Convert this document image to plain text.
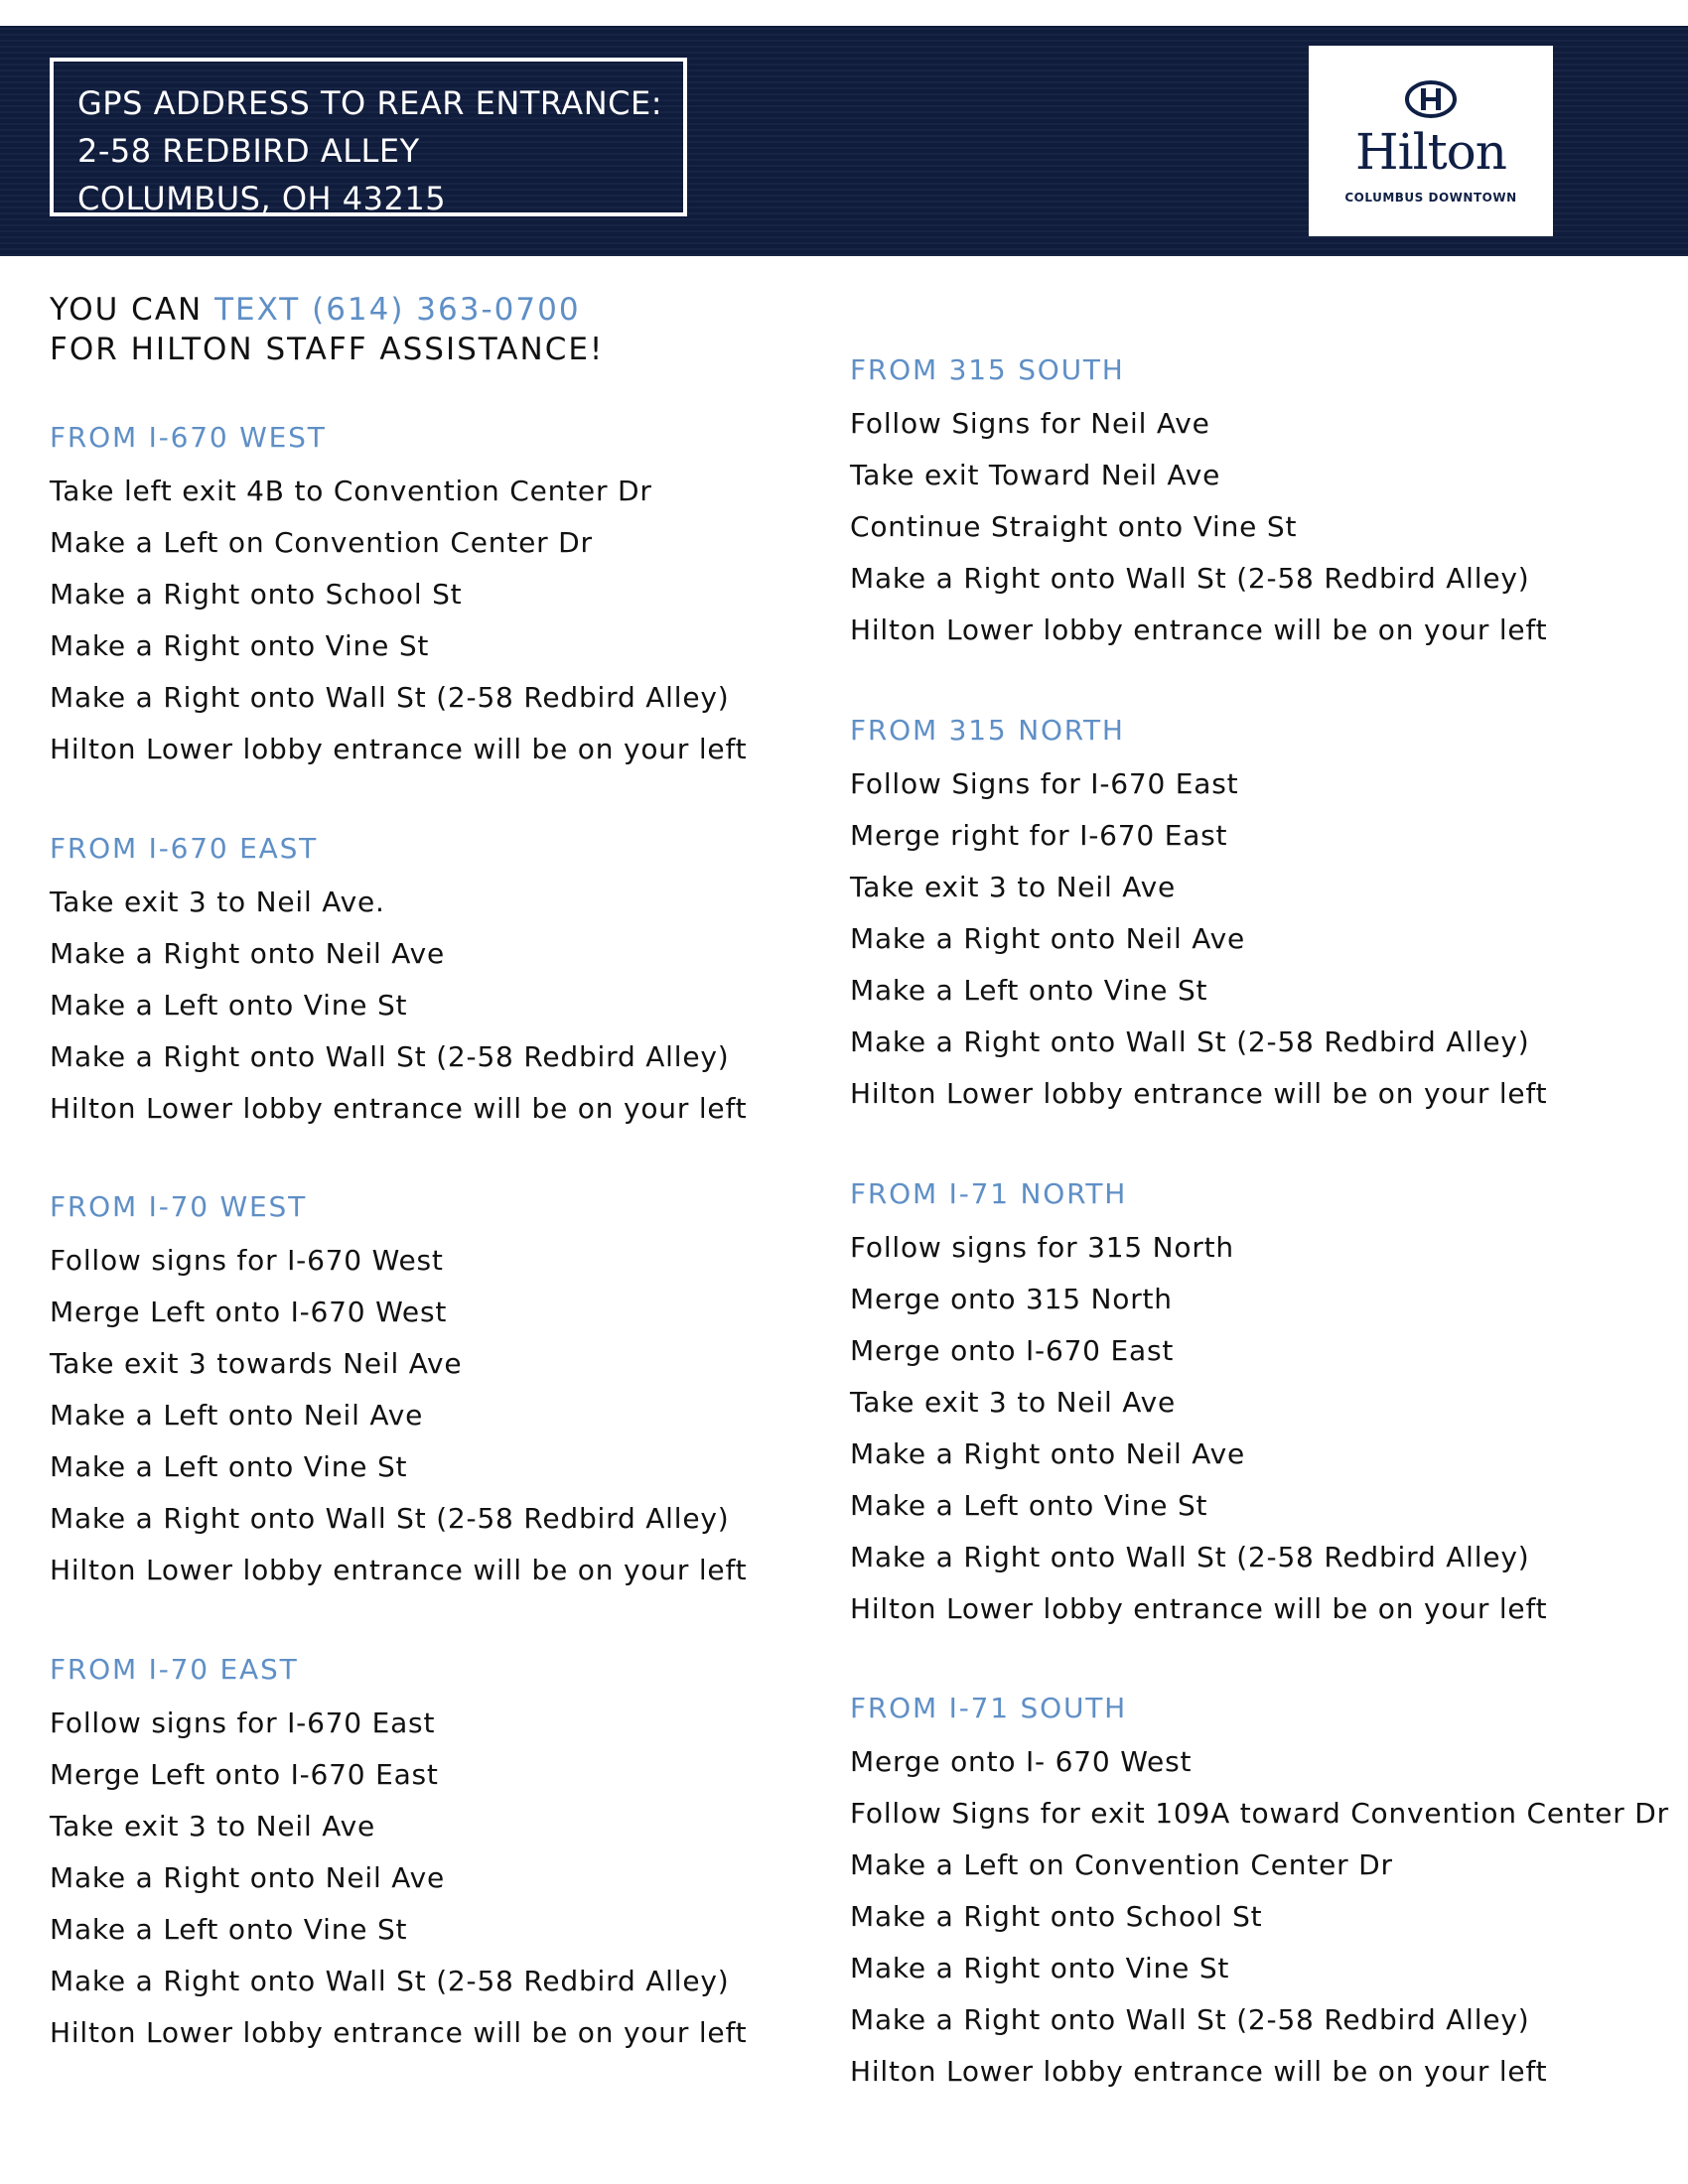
GPS ADDRESS TO REAR ENTRANCE:
2-58 REDBIRD ALLEY
COLUMBUS, OH 43215
Hilton
COLUMBUS DOWNTOWN
YOU CAN TEXT (614) 363-0700
FOR HILTON STAFF ASSISTANCE!
FROM I-670 WEST
Take left exit 4B to Convention Center Dr
Make a Left on Convention Center Dr
Make a Right onto School St
Make a Right onto Vine St
Make a Right onto Wall St (2-58 Redbird Alley)
Hilton Lower lobby entrance will be on your left
FROM I-670 EAST
Take exit 3 to Neil Ave.
Make a Right onto Neil Ave
Make a Left onto Vine St
Make a Right onto Wall St (2-58 Redbird Alley)
Hilton Lower lobby entrance will be on your left
FROM I-70 WEST
Follow signs for I-670 West
Merge Left onto I-670 West
Take exit 3 towards Neil Ave
Make a Left onto Neil Ave
Make a Left onto Vine St
Make a Right onto Wall St (2-58 Redbird Alley)
Hilton Lower lobby entrance will be on your left
FROM I-70 EAST
Follow signs for I-670 East
Merge Left onto I-670 East
Take exit 3 to Neil Ave
Make a Right onto Neil Ave
Make a Left onto Vine St
Make a Right onto Wall St (2-58 Redbird Alley)
Hilton Lower lobby entrance will be on your left
FROM 315 SOUTH
Follow Signs for Neil Ave
Take exit Toward Neil Ave
Continue Straight onto Vine St
Make a Right onto Wall St (2-58 Redbird Alley)
Hilton Lower lobby entrance will be on your left
FROM 315 NORTH
Follow Signs for I-670 East
Merge right for I-670 East
Take exit 3 to Neil Ave
Make a Right onto Neil Ave
Make a Left onto Vine St
Make a Right onto Wall St (2-58 Redbird Alley)
Hilton Lower lobby entrance will be on your left
FROM I-71 NORTH
Follow signs for 315 North
Merge onto 315 North
Merge onto I-670 East
Take exit 3 to Neil Ave
Make a Right onto Neil Ave
Make a Left onto Vine St
Make a Right onto Wall St (2-58 Redbird Alley)
Hilton Lower lobby entrance will be on your left
FROM I-71 SOUTH
Merge onto I- 670 West
Follow Signs for exit 109A toward Convention Center Dr
Make a Left on Convention Center Dr
Make a Right onto School St
Make a Right onto Vine St
Make a Right onto Wall St (2-58 Redbird Alley)
Hilton Lower lobby entrance will be on your left
